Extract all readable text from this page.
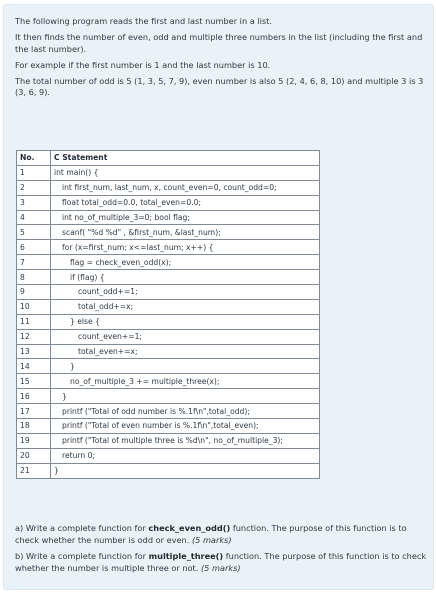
The following program reads the first and last number in a list.

It then finds the number of even, odd and multiple three numbers in the list (including the first and the last number).

For example if the first number is 1 and the last number is 10.

The total number of odd is 5 (1, 3, 5, 7, 9), even number is also 5 (2, 4, 6, 8, 10) and multiple 3 is 3 (3, 6, 9).

No.	C Statement
1	int main() {
2	int first_num, last_num, x, count_even=0, count_odd=0;
3	float total_odd=0.0, total_even=0.0;
4	int no_of_multiple_3=0; bool flag;
5	scanf( "%d %d" , &first_num, &last_num);
6	for (x=first_num; x<=last_num; x++) {
7	flag = check_even_odd(x);
8	if (flag) {
9	count_odd+=1;
10	total_odd+=x;
11	} else {
12	count_even+=1;
13	total_even+=x;
14	}
15	no_of_multiple_3 += multiple_three(x);
16	}
17	printf ("Total of odd number is %.1f\n",total_odd);
18	printf ("Total of even number is %.1f\n",total_even);
19	printf ("Total of multiple three is %d\n", no_of_multiple_3);
20	return 0;
21	}
a) Write a complete function for check_even_odd() function. The purpose of this function is to check whether the number is odd or even. (5 marks)
b) Write a complete function for multiple_three() function. The purpose of this function is to check whether the number is multiple three or not. (5 marks)
